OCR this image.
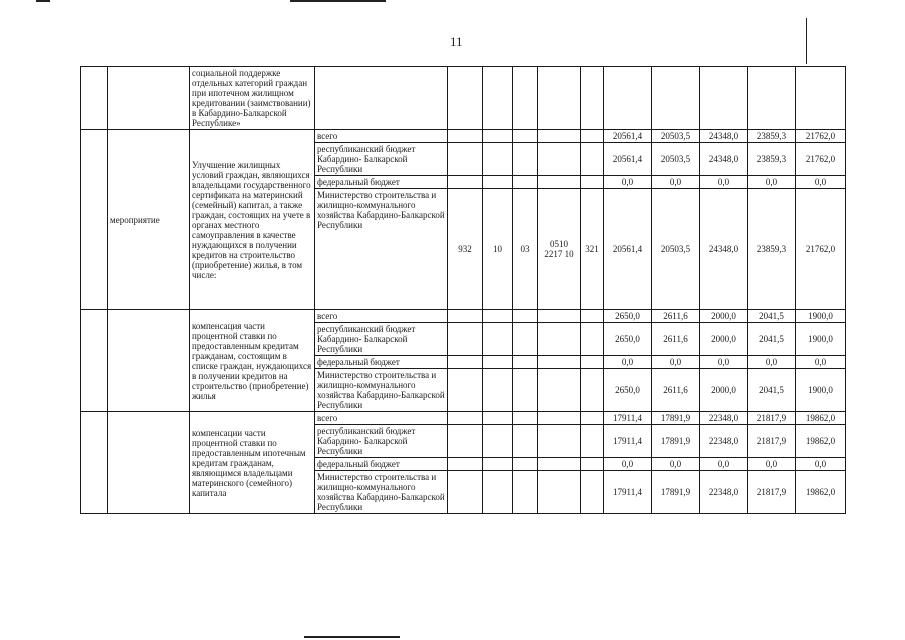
11
		социальной поддержке отдельных категорий граждан при ипотечном жилищном кредитовании (заимствовании) в Кабардино-Балкарской Республике»											
	мероприятие	Улучшение жилищных условий граждан, являющихся владельцами государственного сертификата на материнский (семейный) капитал, а также граждан, состоящих на учете в органах местного самоуправления в качестве нуждающихся в получении кредитов на строительство (приобретение) жилья, в том числе:	всего						20561,4	20503,5	24348,0	23859,3	21762,0
			республиканский бюджет Кабардино- Балкарской Республики						20561,4	20503,5	24348,0	23859,3	21762,0
			федеральный бюджет						0,0	0,0	0,0	0,0	0,0
			Министерство строительства и жилищно-коммунального хозяйства Кабардино-Балкарской Республики	932	10	03	0510 2217 10	321	20561,4	20503,5	24348,0	23859,3	21762,0
		компенсация части процентной ставки по предоставленным кредитам гражданам, состоящим в списке граждан, нуждающихся в получении кредитов на строительство (приобретение) жилья	всего						2650,0	2611,6	2000,0	2041,5	1900,0
			республиканский бюджет Кабардино- Балкарской Республики						2650,0	2611,6	2000,0	2041,5	1900,0
			федеральный бюджет						0,0	0,0	0,0	0,0	0,0
			Министерство строительства и жилищно-коммунального хозяйства Кабардино-Балкарской Республики						2650,0	2611,6	2000,0	2041,5	1900,0
		компенсации части процентной ставки по предоставленным ипотечным кредитам гражданам, являющимся владельцами материнского (семейного) капитала	всего						17911,4	17891,9	22348,0	21817,9	19862,0
			республиканский бюджет Кабардино- Балкарской Республики						17911,4	17891,9	22348,0	21817,9	19862,0
			федеральный бюджет						0,0	0,0	0,0	0,0	0,0
			Министерство строительства и жилищно-коммунального хозяйства Кабардино-Балкарской Республики						17911,4	17891,9	22348,0	21817,9	19862,0
